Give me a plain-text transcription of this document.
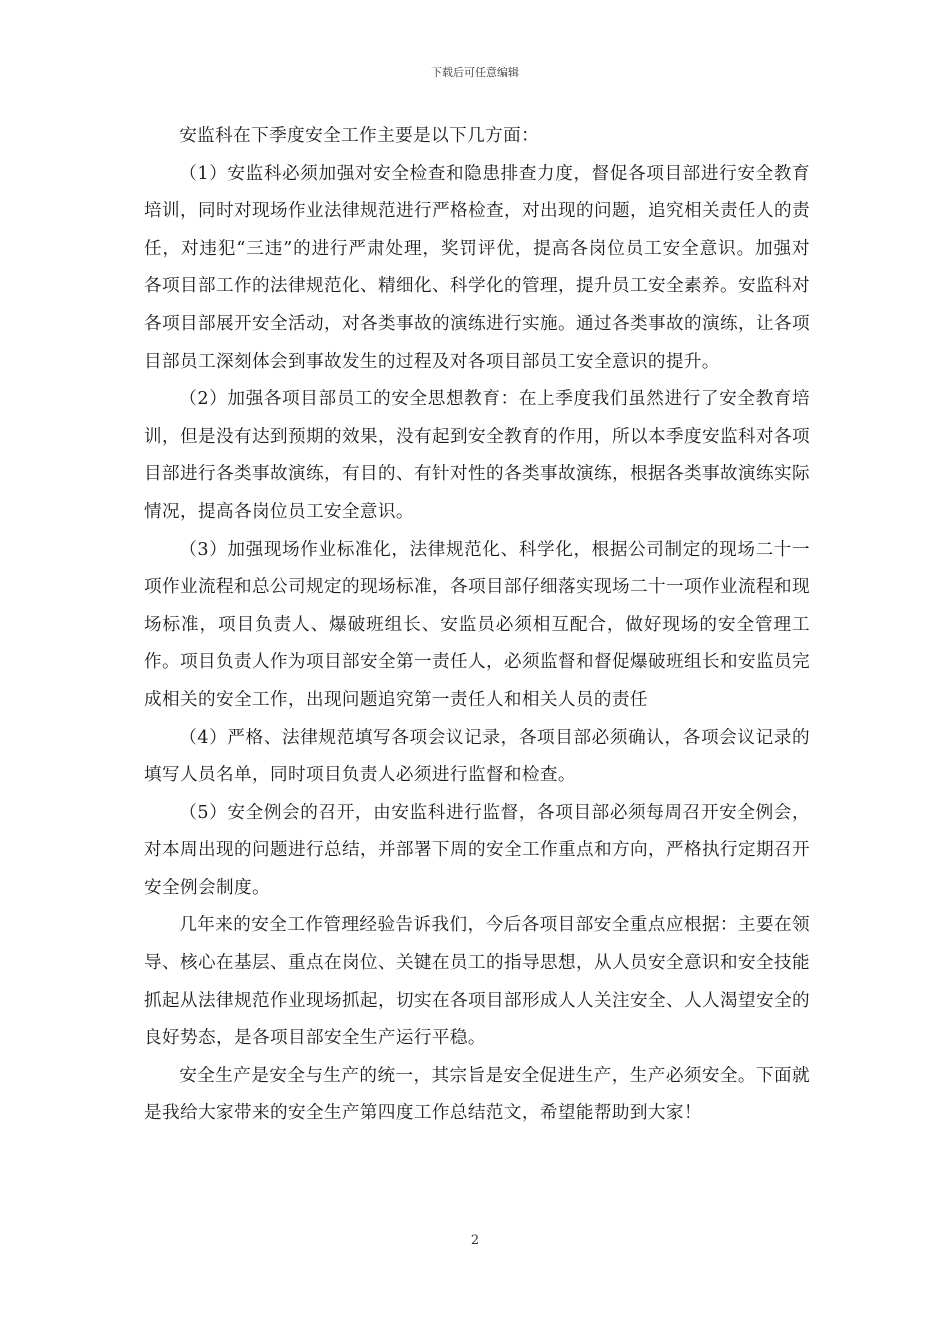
下载后可任意编辑

安监科在下季度安全工作主要是以下几方面：

（1）安监科必须加强对安全检查和隐患排查力度，督促各项目部进行安全教育培训，同时对现场作业法律规范进行严格检查，对出现的问题，追究相关责任人的责任，对违犯“三违”的进行严肃处理，奖罚评优，提高各岗位员工安全意识。加强对各项目部工作的法律规范化、精细化、科学化的管理，提升员工安全素养。安监科对各项目部展开安全活动，对各类事故的演练进行实施。通过各类事故的演练，让各项目部员工深刻体会到事故发生的过程及对各项目部员工安全意识的提升。

（2）加强各项目部员工的安全思想教育：在上季度我们虽然进行了安全教育培训，但是没有达到预期的效果，没有起到安全教育的作用，所以本季度安监科对各项目部进行各类事故演练，有目的、有针对性的各类事故演练，根据各类事故演练实际情况，提高各岗位员工安全意识。

（3）加强现场作业标准化，法律规范化、科学化，根据公司制定的现场二十一项作业流程和总公司规定的现场标准，各项目部仔细落实现场二十一项作业流程和现场标准，项目负责人、爆破班组长、安监员必须相互配合，做好现场的安全管理工作。项目负责人作为项目部安全第一责任人，必须监督和督促爆破班组长和安监员完成相关的安全工作，出现问题追究第一责任人和相关人员的责任

（4）严格、法律规范填写各项会议记录，各项目部必须确认，各项会议记录的填写人员名单，同时项目负责人必须进行监督和检查。

（5）安全例会的召开，由安监科进行监督，各项目部必须每周召开安全例会，对本周出现的问题进行总结，并部署下周的安全工作重点和方向，严格执行定期召开安全例会制度。

几年来的安全工作管理经验告诉我们，今后各项目部安全重点应根据：主要在领导、核心在基层、重点在岗位、关键在员工的指导思想，从人员安全意识和安全技能抓起从法律规范作业现场抓起，切实在各项目部形成人人关注安全、人人渴望安全的良好势态，是各项目部安全生产运行平稳。

安全生产是安全与生产的统一，其宗旨是安全促进生产，生产必须安全。下面就是我给大家带来的安全生产第四度工作总结范文，希望能帮助到大家！

2
